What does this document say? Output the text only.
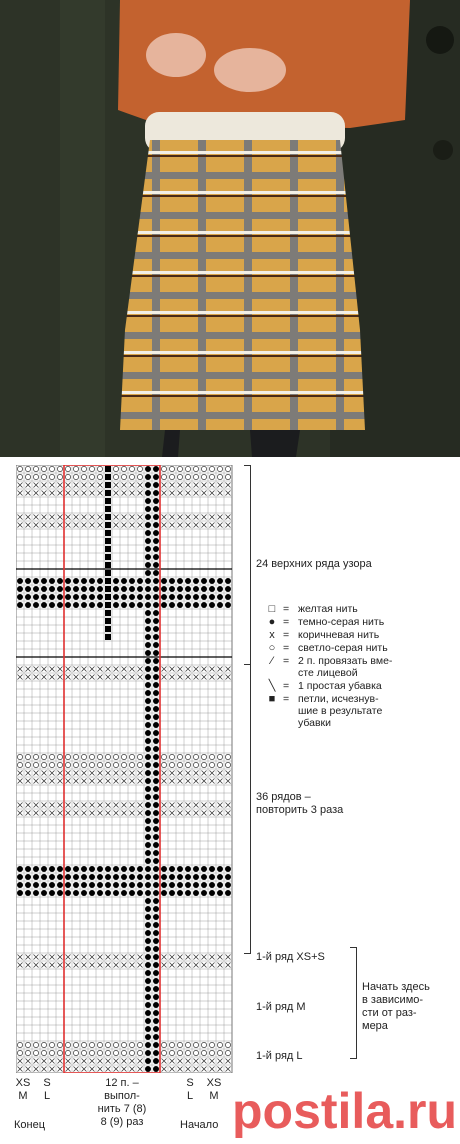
24 верхних ряда узора
36 рядов –
повторить 3 раза
1-й ряд XS+S
1-й ряд M
1-й ряд L
Начать здесь
в зависимо-
сти от раз-
мера
□ = желтая нить
● = темно-серая нить
x = коричневая нить
○ = светло-серая нить
⁄ = 2 п. провязать вме-
сте лицевой
╲ = 1 простая убавка
■ = петли, исчезнув-
шие в результате
убавки
XS
M
S
L
Конец
12 п. –
выпол-
нить 7 (8)
8 (9) раз
S
L
XS
M
Начало postila.ru
